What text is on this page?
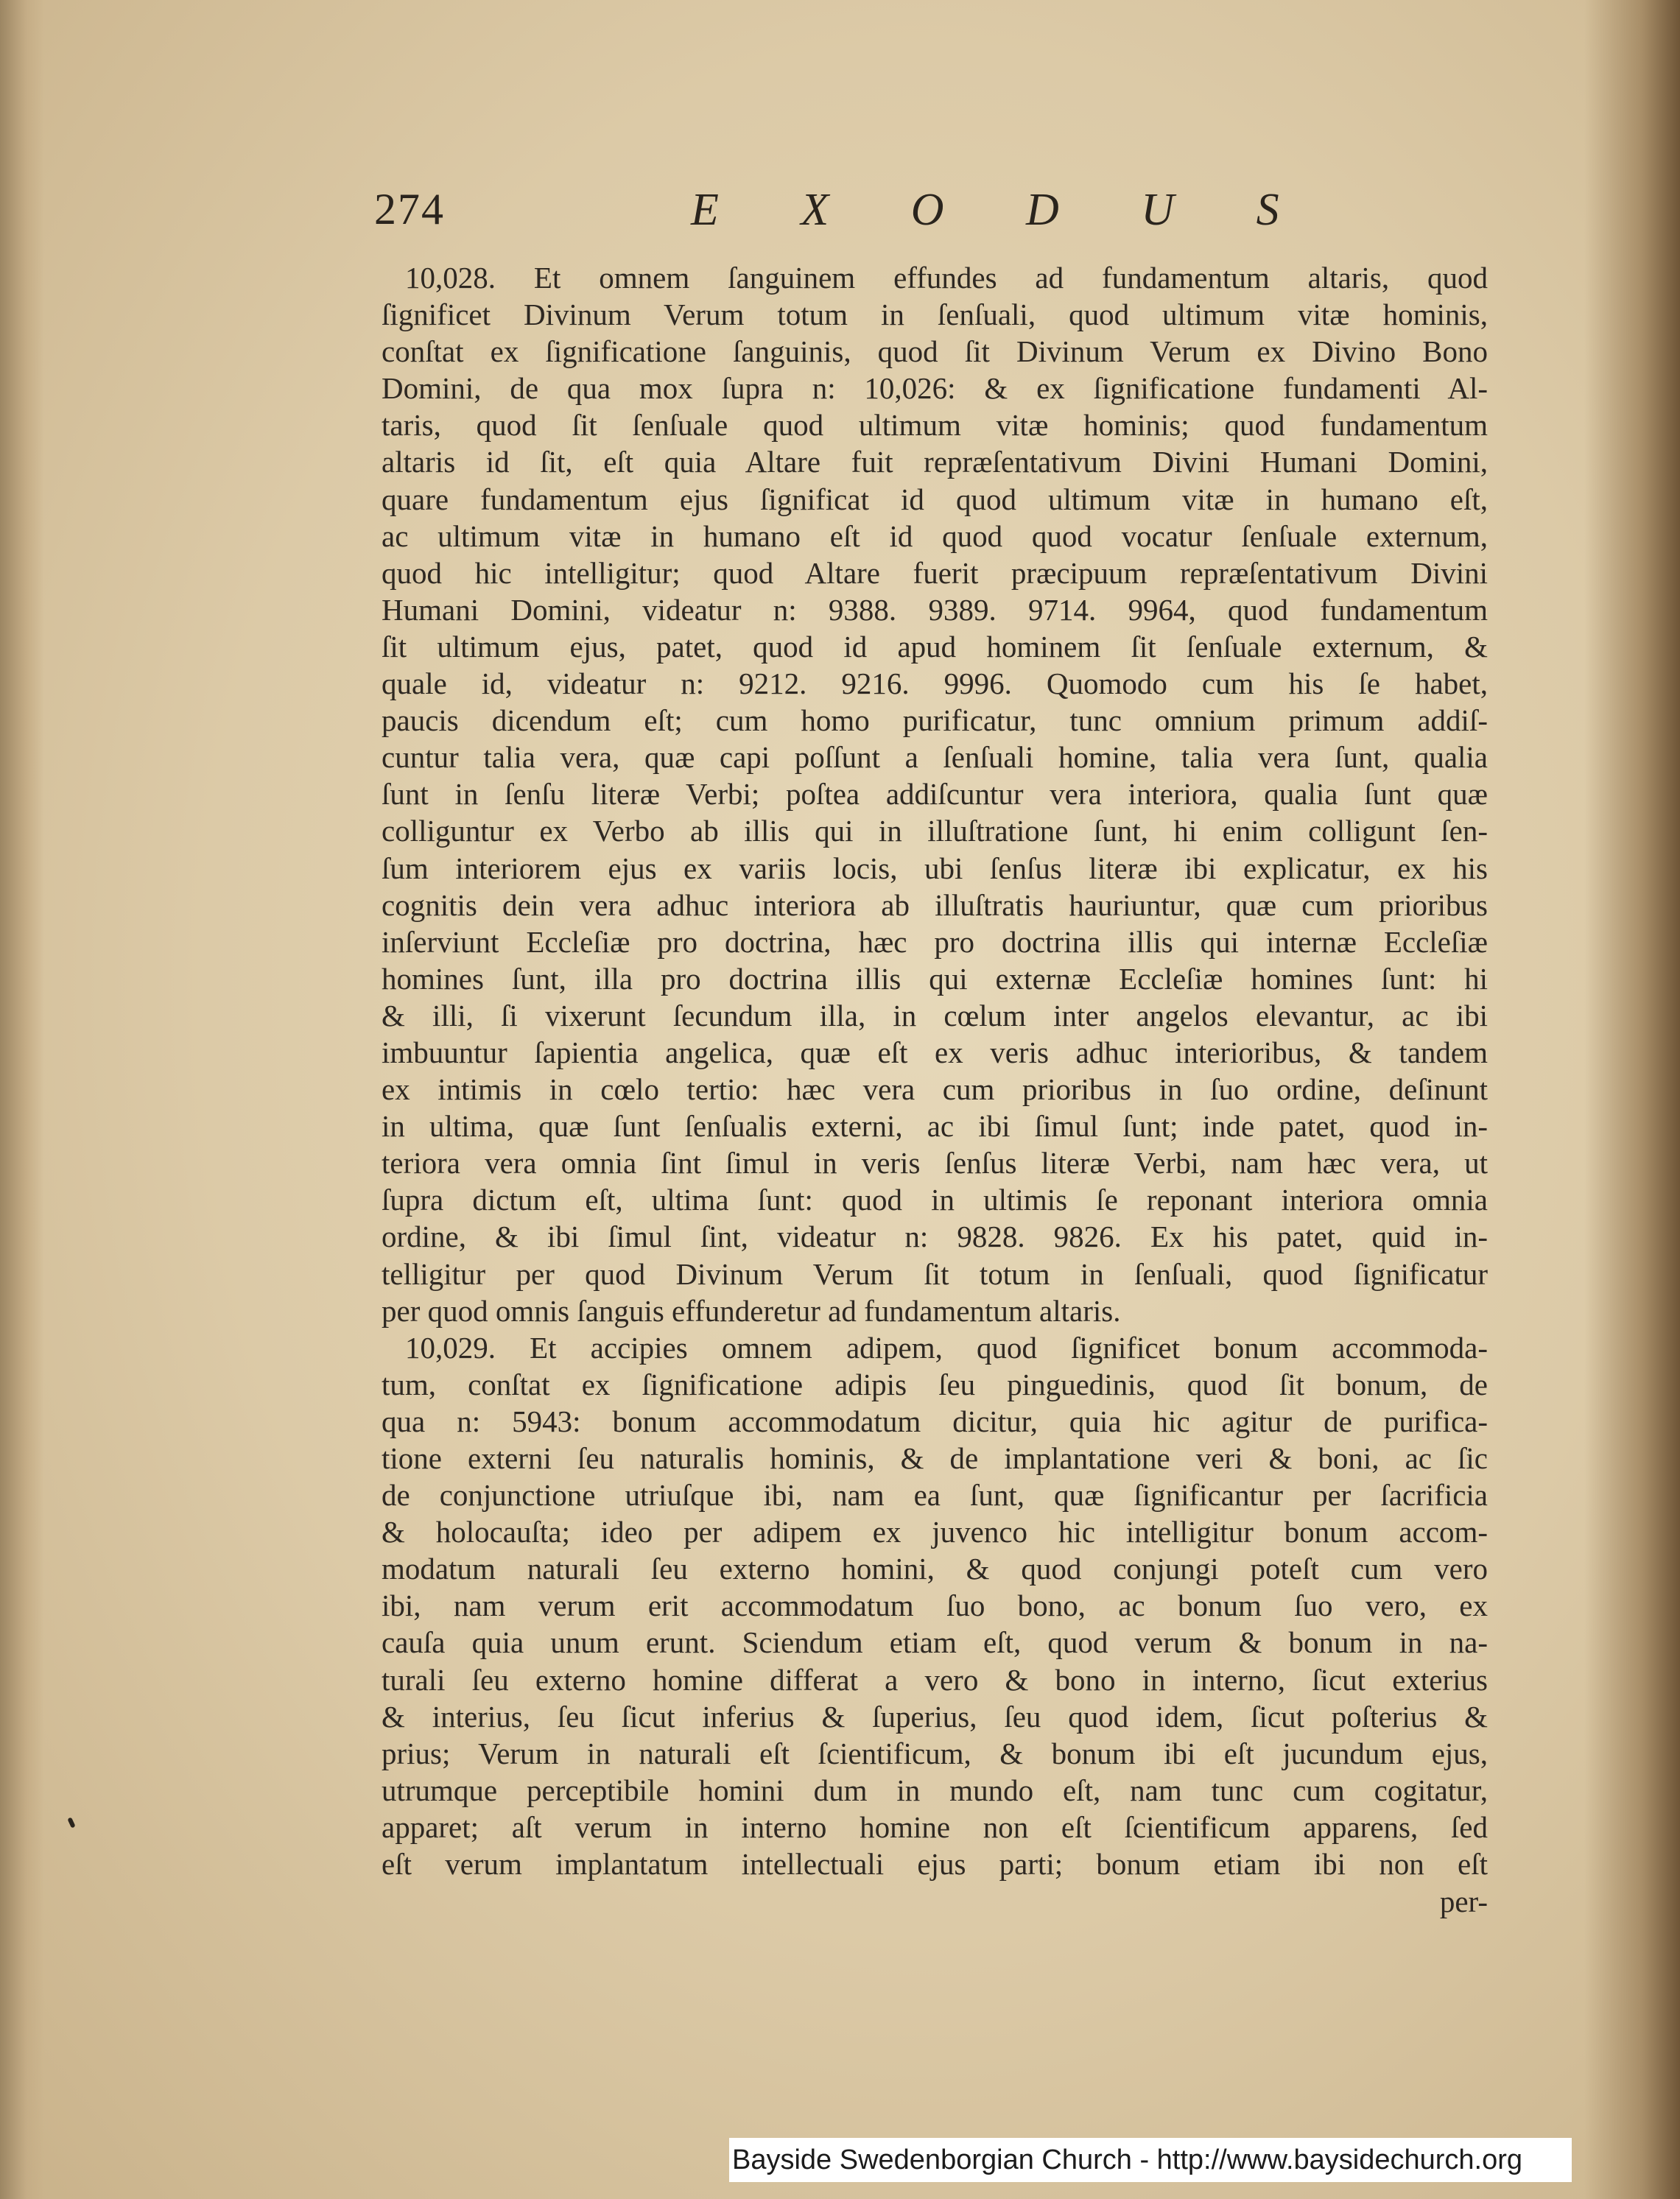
274	E X O D U S
10,028. Et omnem ſanguinem effundes ad fundamentum altaris, quod
ſignificet Divinum Verum totum in ſenſuali, quod ultimum vitæ hominis,
conſtat ex ſignificatione ſanguinis, quod ſit Divinum Verum ex Divino Bono
Domini, de qua mox ſupra n: 10,026: & ex ſignificatione fundamenti Al-
taris, quod ſit ſenſuale quod ultimum vitæ hominis; quod fundamentum
altaris id ſit, eſt quia Altare fuit repræſentativum Divini Humani Domini,
quare fundamentum ejus ſignificat id quod ultimum vitæ in humano eſt,
ac ultimum vitæ in humano eſt id quod quod vocatur ſenſuale externum,
quod hic intelligitur; quod Altare fuerit præcipuum repræſentativum Divini
Humani Domini, videatur n: 9388. 9389. 9714. 9964, quod fundamentum
ſit ultimum ejus, patet, quod id apud hominem ſit ſenſuale externum, &
quale id, videatur n: 9212. 9216. 9996. Quomodo cum his ſe habet,
paucis dicendum eſt; cum homo purificatur, tunc omnium primum addiſ-
cuntur talia vera, quæ capi poſſunt a ſenſuali homine, talia vera ſunt, qualia
ſunt in ſenſu literæ Verbi; poſtea addiſcuntur vera interiora, qualia ſunt quæ
colliguntur ex Verbo ab illis qui in illuſtratione ſunt, hi enim colligunt ſen-
ſum interiorem ejus ex variis locis, ubi ſenſus literæ ibi explicatur, ex his
cognitis dein vera adhuc interiora ab illuſtratis hauriuntur, quæ cum prioribus
inſerviunt Eccleſiæ pro doctrina, hæc pro doctrina illis qui internæ Eccleſiæ
homines ſunt, illa pro doctrina illis qui externæ Eccleſiæ homines ſunt: hi
& illi, ſi vixerunt ſecundum illa, in cœlum inter angelos elevantur, ac ibi
imbuuntur ſapientia angelica, quæ eſt ex veris adhuc interioribus, & tandem
ex intimis in cœlo tertio: hæc vera cum prioribus in ſuo ordine, deſinunt
in ultima, quæ ſunt ſenſualis externi, ac ibi ſimul ſunt; inde patet, quod in-
teriora vera omnia ſint ſimul in veris ſenſus literæ Verbi, nam hæc vera, ut
ſupra dictum eſt, ultima ſunt: quod in ultimis ſe reponant interiora omnia
ordine, & ibi ſimul ſint, videatur n: 9828. 9826. Ex his patet, quid in-
telligitur per quod Divinum Verum ſit totum in ſenſuali, quod ſignificatur
per quod omnis ſanguis effunderetur ad fundamentum altaris.
10,029. Et accipies omnem adipem, quod ſignificet bonum accommoda-
tum, conſtat ex ſignificatione adipis ſeu pinguedinis, quod ſit bonum, de
qua n: 5943: bonum accommodatum dicitur, quia hic agitur de purifica-
tione externi ſeu naturalis hominis, & de implantatione veri & boni, ac ſic
de conjunctione utriuſque ibi, nam ea ſunt, quæ ſignificantur per ſacrificia
& holocauſta; ideo per adipem ex juvenco hic intelligitur bonum accom-
modatum naturali ſeu externo homini, & quod conjungi poteſt cum vero
ibi, nam verum erit accommodatum ſuo bono, ac bonum ſuo vero, ex
cauſa quia unum erunt. Sciendum etiam eſt, quod verum & bonum in na-
turali ſeu externo homine differat a vero & bono in interno, ſicut exterius
& interius, ſeu ſicut inferius & ſuperius, ſeu quod idem, ſicut poſterius &
prius; Verum in naturali eſt ſcientificum, & bonum ibi eſt jucundum ejus,
utrumque perceptibile homini dum in mundo eſt, nam tunc cum cogitatur,
apparet; aſt verum in interno homine non eſt ſcientificum apparens, ſed
eſt verum implantatum intellectuali ejus parti; bonum etiam ibi non eſt
per-
Bayside Swedenborgian Church - http://www.baysidechurch.org
